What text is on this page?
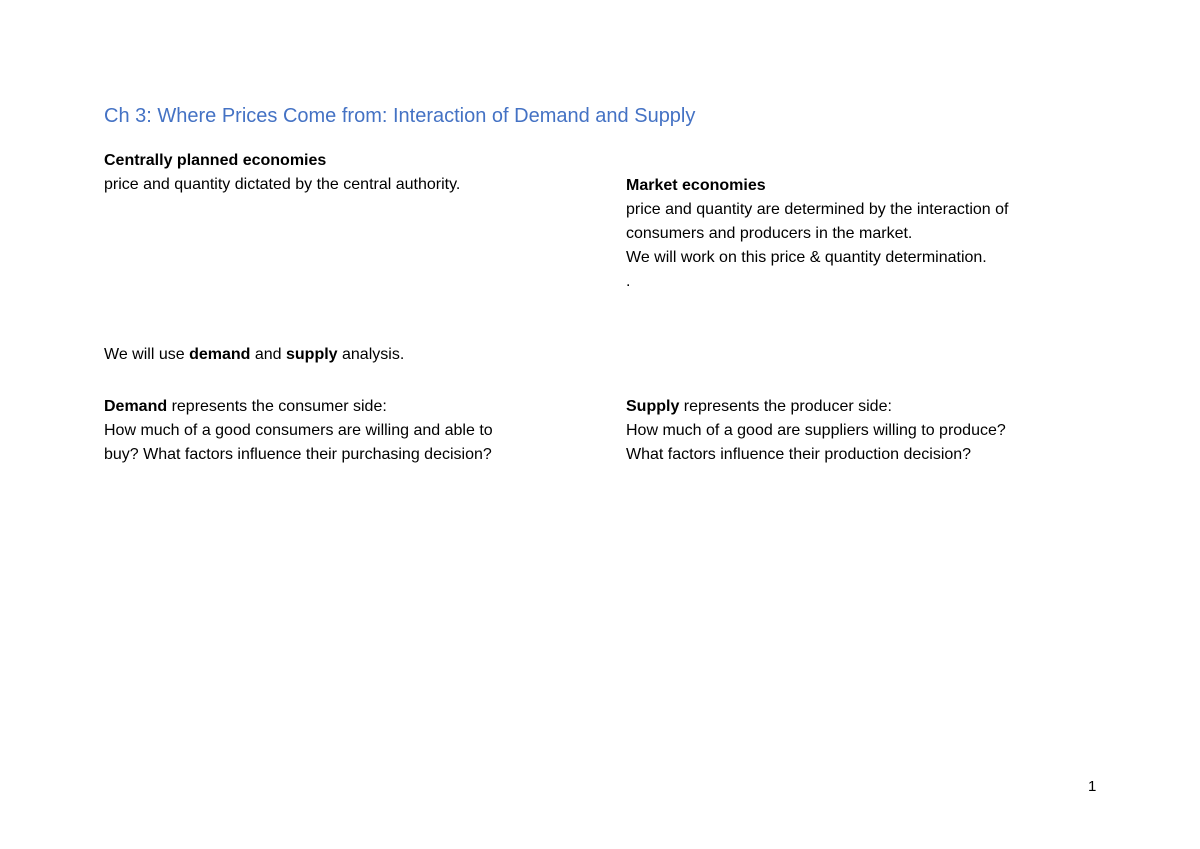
Ch 3: Where Prices Come from: Interaction of Demand and Supply
Centrally planned economies
price and quantity dictated by the central authority.	Market economies
price and quantity are determined by the interaction of
consumers and producers in the market.
We will work on this price & quantity determination.
.
We will use demand and supply analysis.
Demand represents the consumer side:
How much of a good consumers are willing and able to
buy? What factors influence their purchasing decision?
Supply represents the producer side:
How much of a good are suppliers willing to produce?
What factors influence their production decision?
1
